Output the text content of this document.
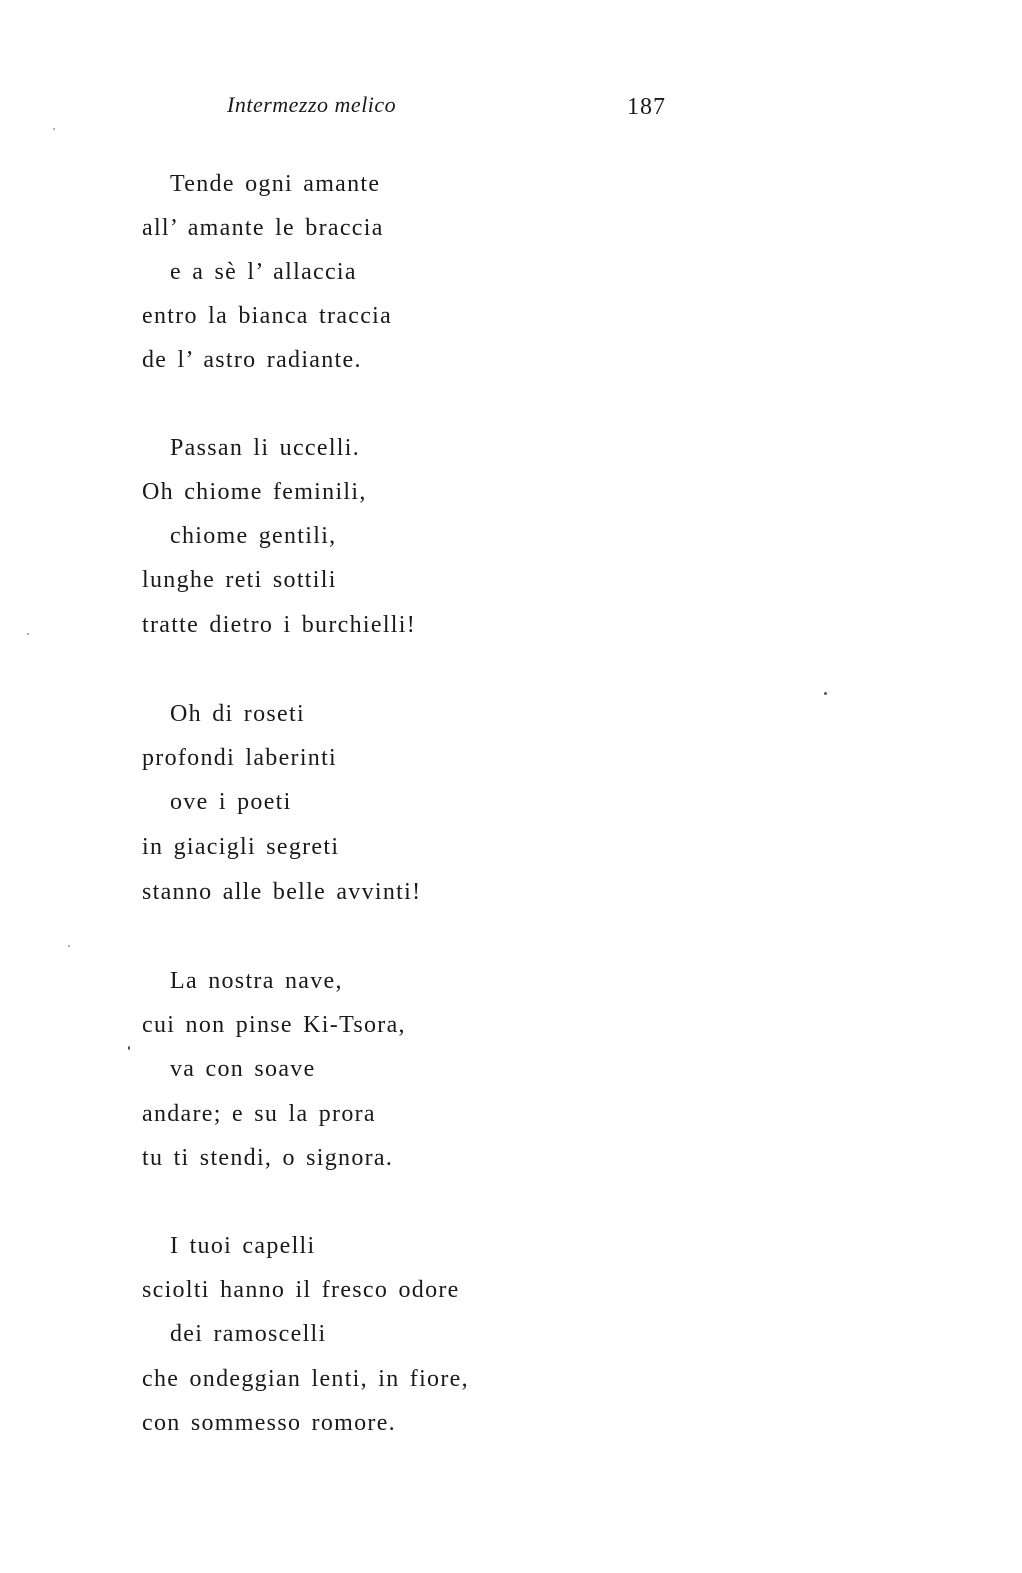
Intermezzo melico	187
Tende ogni amante
all’ amante le braccia
e a sè l’ allaccia
entro la bianca traccia
de l’ astro radiante.
Passan li uccelli.
Oh chiome feminili,
chiome gentili,
lunghe reti sottili
tratte dietro i burchielli!
Oh di roseti
profondi laberinti
ove i poeti
in giacigli segreti
stanno alle belle avvinti!
La nostra nave,
cui non pinse Ki-Tsora,
va con soave
andare; e su la prora
tu ti stendi, o signora.
I tuoi capelli
sciolti hanno il fresco odore
dei ramoscelli
che ondeggian lenti, in fiore,
con sommesso romore.
